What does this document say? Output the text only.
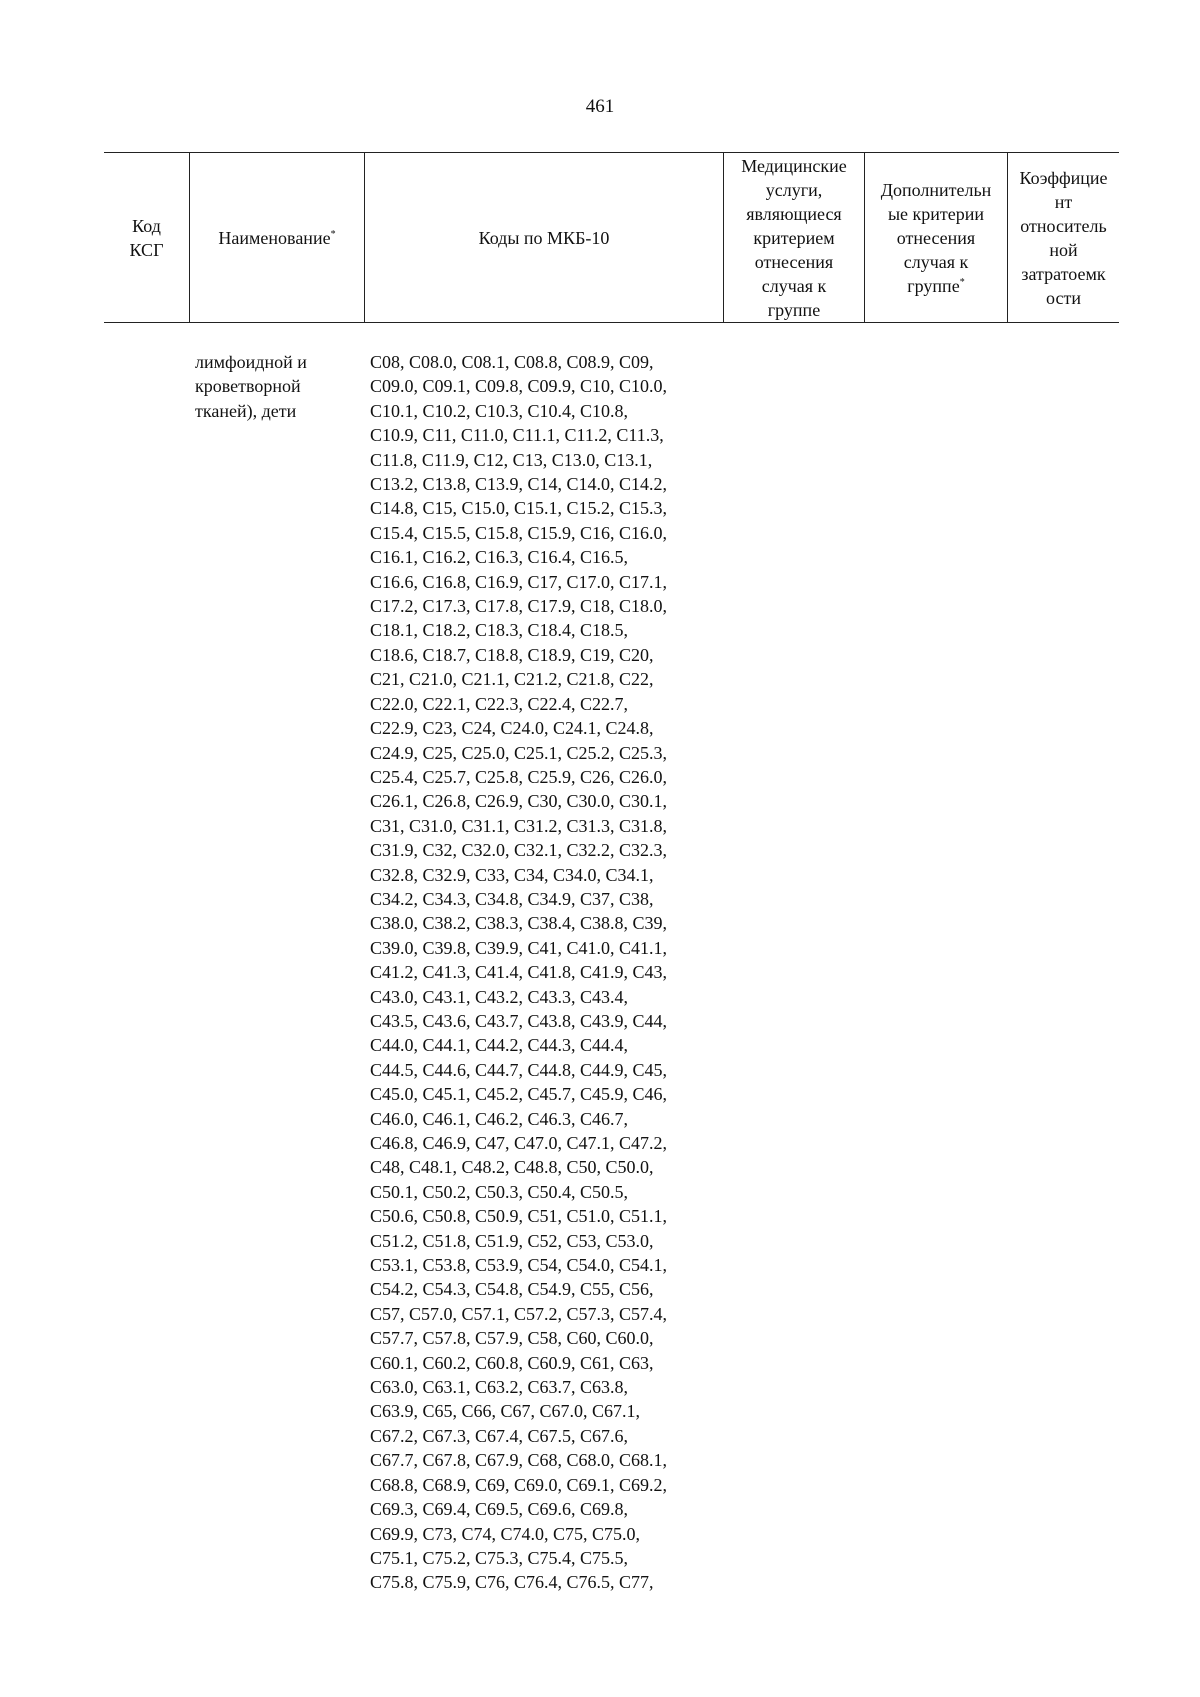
461
Код
КСГ
Наименование*	Коды по МКБ-10
Медицинские
услуги,
являющиеся
критерием
отнесения
случая к
группе
Дополнительн
ые критерии
отнесения
случая к
группе*
Коэффицие
нт
относитель
ной
затратоемк
ости
лимфоидной и
кроветворной
тканей), дети
C08, C08.0, C08.1, C08.8, C08.9, C09,
C09.0, C09.1, C09.8, C09.9, C10, C10.0,
C10.1, C10.2, C10.3, C10.4, C10.8,
C10.9, C11, C11.0, C11.1, C11.2, C11.3,
C11.8, C11.9, C12, C13, C13.0, C13.1,
C13.2, C13.8, C13.9, C14, C14.0, C14.2,
C14.8, C15, C15.0, C15.1, C15.2, C15.3,
C15.4, C15.5, C15.8, C15.9, C16, C16.0,
C16.1, C16.2, C16.3, C16.4, C16.5,
C16.6, C16.8, C16.9, C17, C17.0, C17.1,
C17.2, C17.3, C17.8, C17.9, C18, C18.0,
C18.1, C18.2, C18.3, C18.4, C18.5,
C18.6, C18.7, C18.8, C18.9, C19, C20,
C21, C21.0, C21.1, C21.2, C21.8, C22,
C22.0, C22.1, C22.3, C22.4, C22.7,
C22.9, C23, C24, C24.0, C24.1, C24.8,
C24.9, C25, C25.0, C25.1, C25.2, C25.3,
C25.4, C25.7, C25.8, C25.9, C26, C26.0,
C26.1, C26.8, C26.9, C30, C30.0, C30.1,
C31, C31.0, C31.1, C31.2, C31.3, C31.8,
C31.9, C32, C32.0, C32.1, C32.2, C32.3,
C32.8, C32.9, C33, C34, C34.0, C34.1,
C34.2, C34.3, C34.8, C34.9, C37, C38,
C38.0, C38.2, C38.3, C38.4, C38.8, C39,
C39.0, C39.8, C39.9, C41, C41.0, C41.1,
C41.2, C41.3, C41.4, C41.8, C41.9, C43,
C43.0, C43.1, C43.2, C43.3, C43.4,
C43.5, C43.6, C43.7, C43.8, C43.9, C44,
C44.0, C44.1, C44.2, C44.3, C44.4,
C44.5, C44.6, C44.7, C44.8, C44.9, C45,
C45.0, C45.1, C45.2, C45.7, C45.9, C46,
C46.0, C46.1, C46.2, C46.3, C46.7,
C46.8, C46.9, C47, C47.0, C47.1, C47.2,
C48, C48.1, C48.2, C48.8, C50, C50.0,
C50.1, C50.2, C50.3, C50.4, C50.5,
C50.6, C50.8, C50.9, C51, C51.0, C51.1,
C51.2, C51.8, C51.9, C52, C53, C53.0,
C53.1, C53.8, C53.9, C54, C54.0, C54.1,
C54.2, C54.3, C54.8, C54.9, C55, C56,
C57, C57.0, C57.1, C57.2, C57.3, C57.4,
C57.7, C57.8, C57.9, C58, C60, C60.0,
C60.1, C60.2, C60.8, C60.9, C61, C63,
C63.0, C63.1, C63.2, C63.7, C63.8,
C63.9, C65, C66, C67, C67.0, C67.1,
C67.2, C67.3, C67.4, C67.5, C67.6,
C67.7, C67.8, C67.9, C68, C68.0, C68.1,
C68.8, C68.9, C69, C69.0, C69.1, C69.2,
C69.3, C69.4, C69.5, C69.6, C69.8,
C69.9, C73, C74, C74.0, C75, C75.0,
C75.1, C75.2, C75.3, C75.4, C75.5,
C75.8, C75.9, C76, C76.4, C76.5, C77,
